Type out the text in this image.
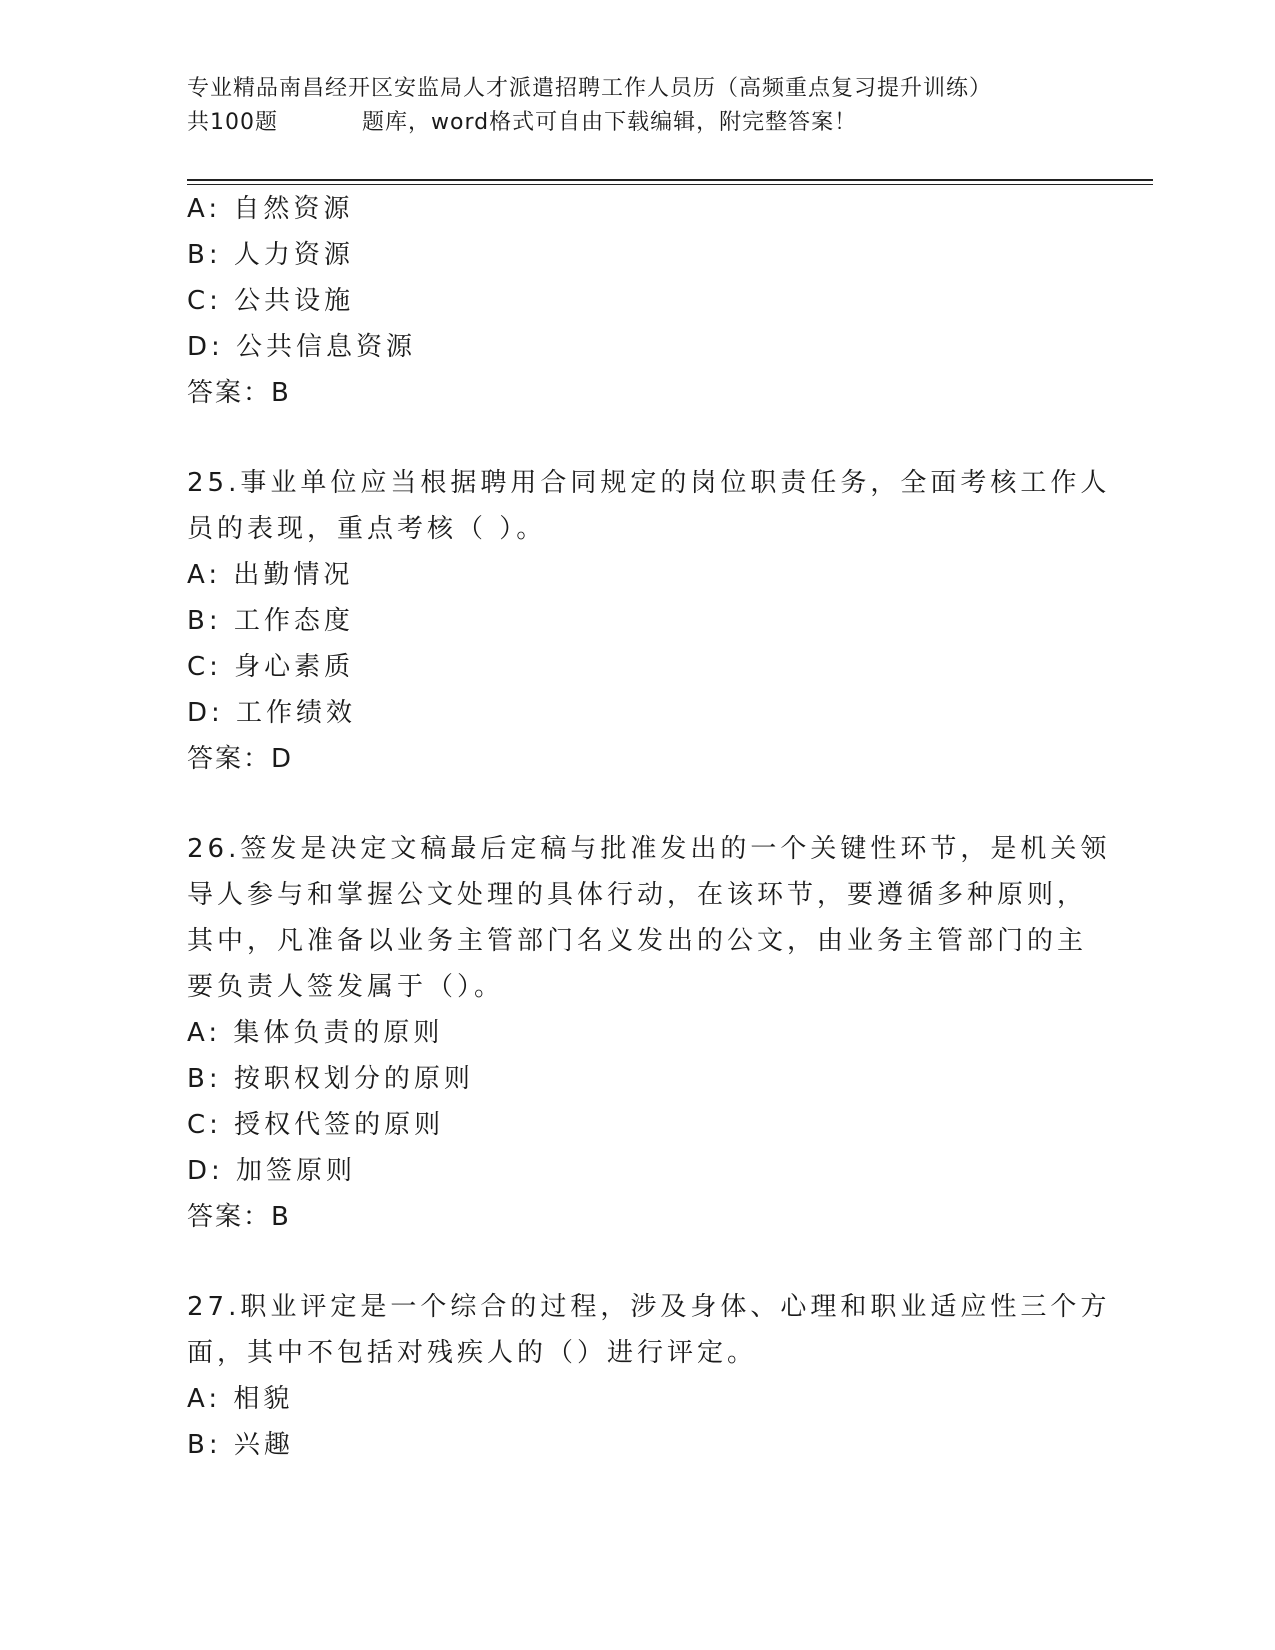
专业精品南昌经开区安监局人才派遣招聘工作人员历（高频重点复习提升训练）
共100题	题库，word格式可自由下载编辑，附完整答案！
A: 自然资源
B: 人力资源
C: 公共设施
D: 公共信息资源
答案：B
25.事业单位应当根据聘用合同规定的岗位职责任务，全面考核工作人
员的表现，重点考核（ ）。
A: 出勤情况
B: 工作态度
C: 身心素质
D: 工作绩效
答案：D
26.签发是决定文稿最后定稿与批准发出的一个关键性环节，是机关领
导人参与和掌握公文处理的具体行动，在该环节，要遵循多种原则，
其中，凡准备以业务主管部门名义发出的公文，由业务主管部门的主
要负责人签发属于（）。
A: 集体负责的原则
B: 按职权划分的原则
C: 授权代签的原则
D: 加签原则
答案：B
27.职业评定是一个综合的过程，涉及身体、心理和职业适应性三个方
面，其中不包括对残疾人的（）进行评定。
A: 相貌
B: 兴趣
